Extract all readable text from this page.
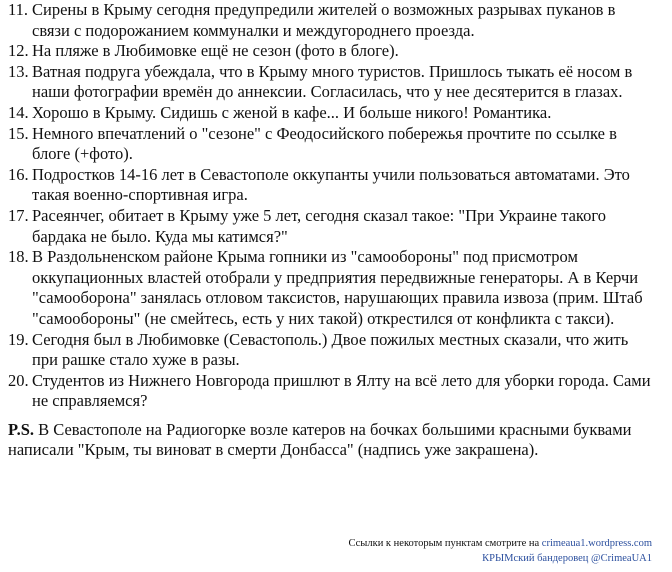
11. Сирены в Крыму сегодня предупредили жителей о возможных разрывах пуканов в связи с подорожанием коммуналки и междугороднего проезда.
12. На пляже в Любимовке ещё не сезон (фото в блоге).
13. Ватная подруга убеждала, что в Крыму много туристов. Пришлось тыкать её носом в наши фотографии времён до аннексии. Согласилась, что у нее десятерится в глазах.
14. Хорошо в Крыму. Сидишь с женой в кафе... И больше никого! Романтика.
15. Немного впечатлений о "сезоне" с Феодосийского побережья прочтите по ссылке в блоге (+фото).
16. Подростков 14-16 лет в Севастополе оккупанты учили пользоваться автоматами. Это такая военно-спортивная игра.
17. Расеянчег, обитает в Крыму уже 5 лет, сегодня сказал такое: "При Украине такого бардака не было. Куда мы катимся?"
18. В Раздольненском районе Крыма гопники из "самообороны" под присмотром оккупационных властей отобрали у предприятия передвижные генераторы. А в Керчи "самооборона" занялась отловом таксистов, нарушающих правила извоза (прим. Штаб "самообороны" (не смейтесь, есть у них такой) открестился от конфликта с такси).
19. Сегодня был в Любимовке (Севастополь.) Двое пожилых местных сказали, что жить при рашке стало хуже в разы.
20. Студентов из Нижнего Новгорода пришлют в Ялту на всё лето для уборки города. Сами не справляемся?
P.S. В Севастополе на Радиогорке возле катеров на бочках большими красными буквами написали "Крым, ты виноват в смерти Донбасса" (надпись уже закрашена).
Ссылки к некоторым пунктам смотрите на crimeaua1.wordpress.com
КРЫМский бандеровец @CrimeaUA1
